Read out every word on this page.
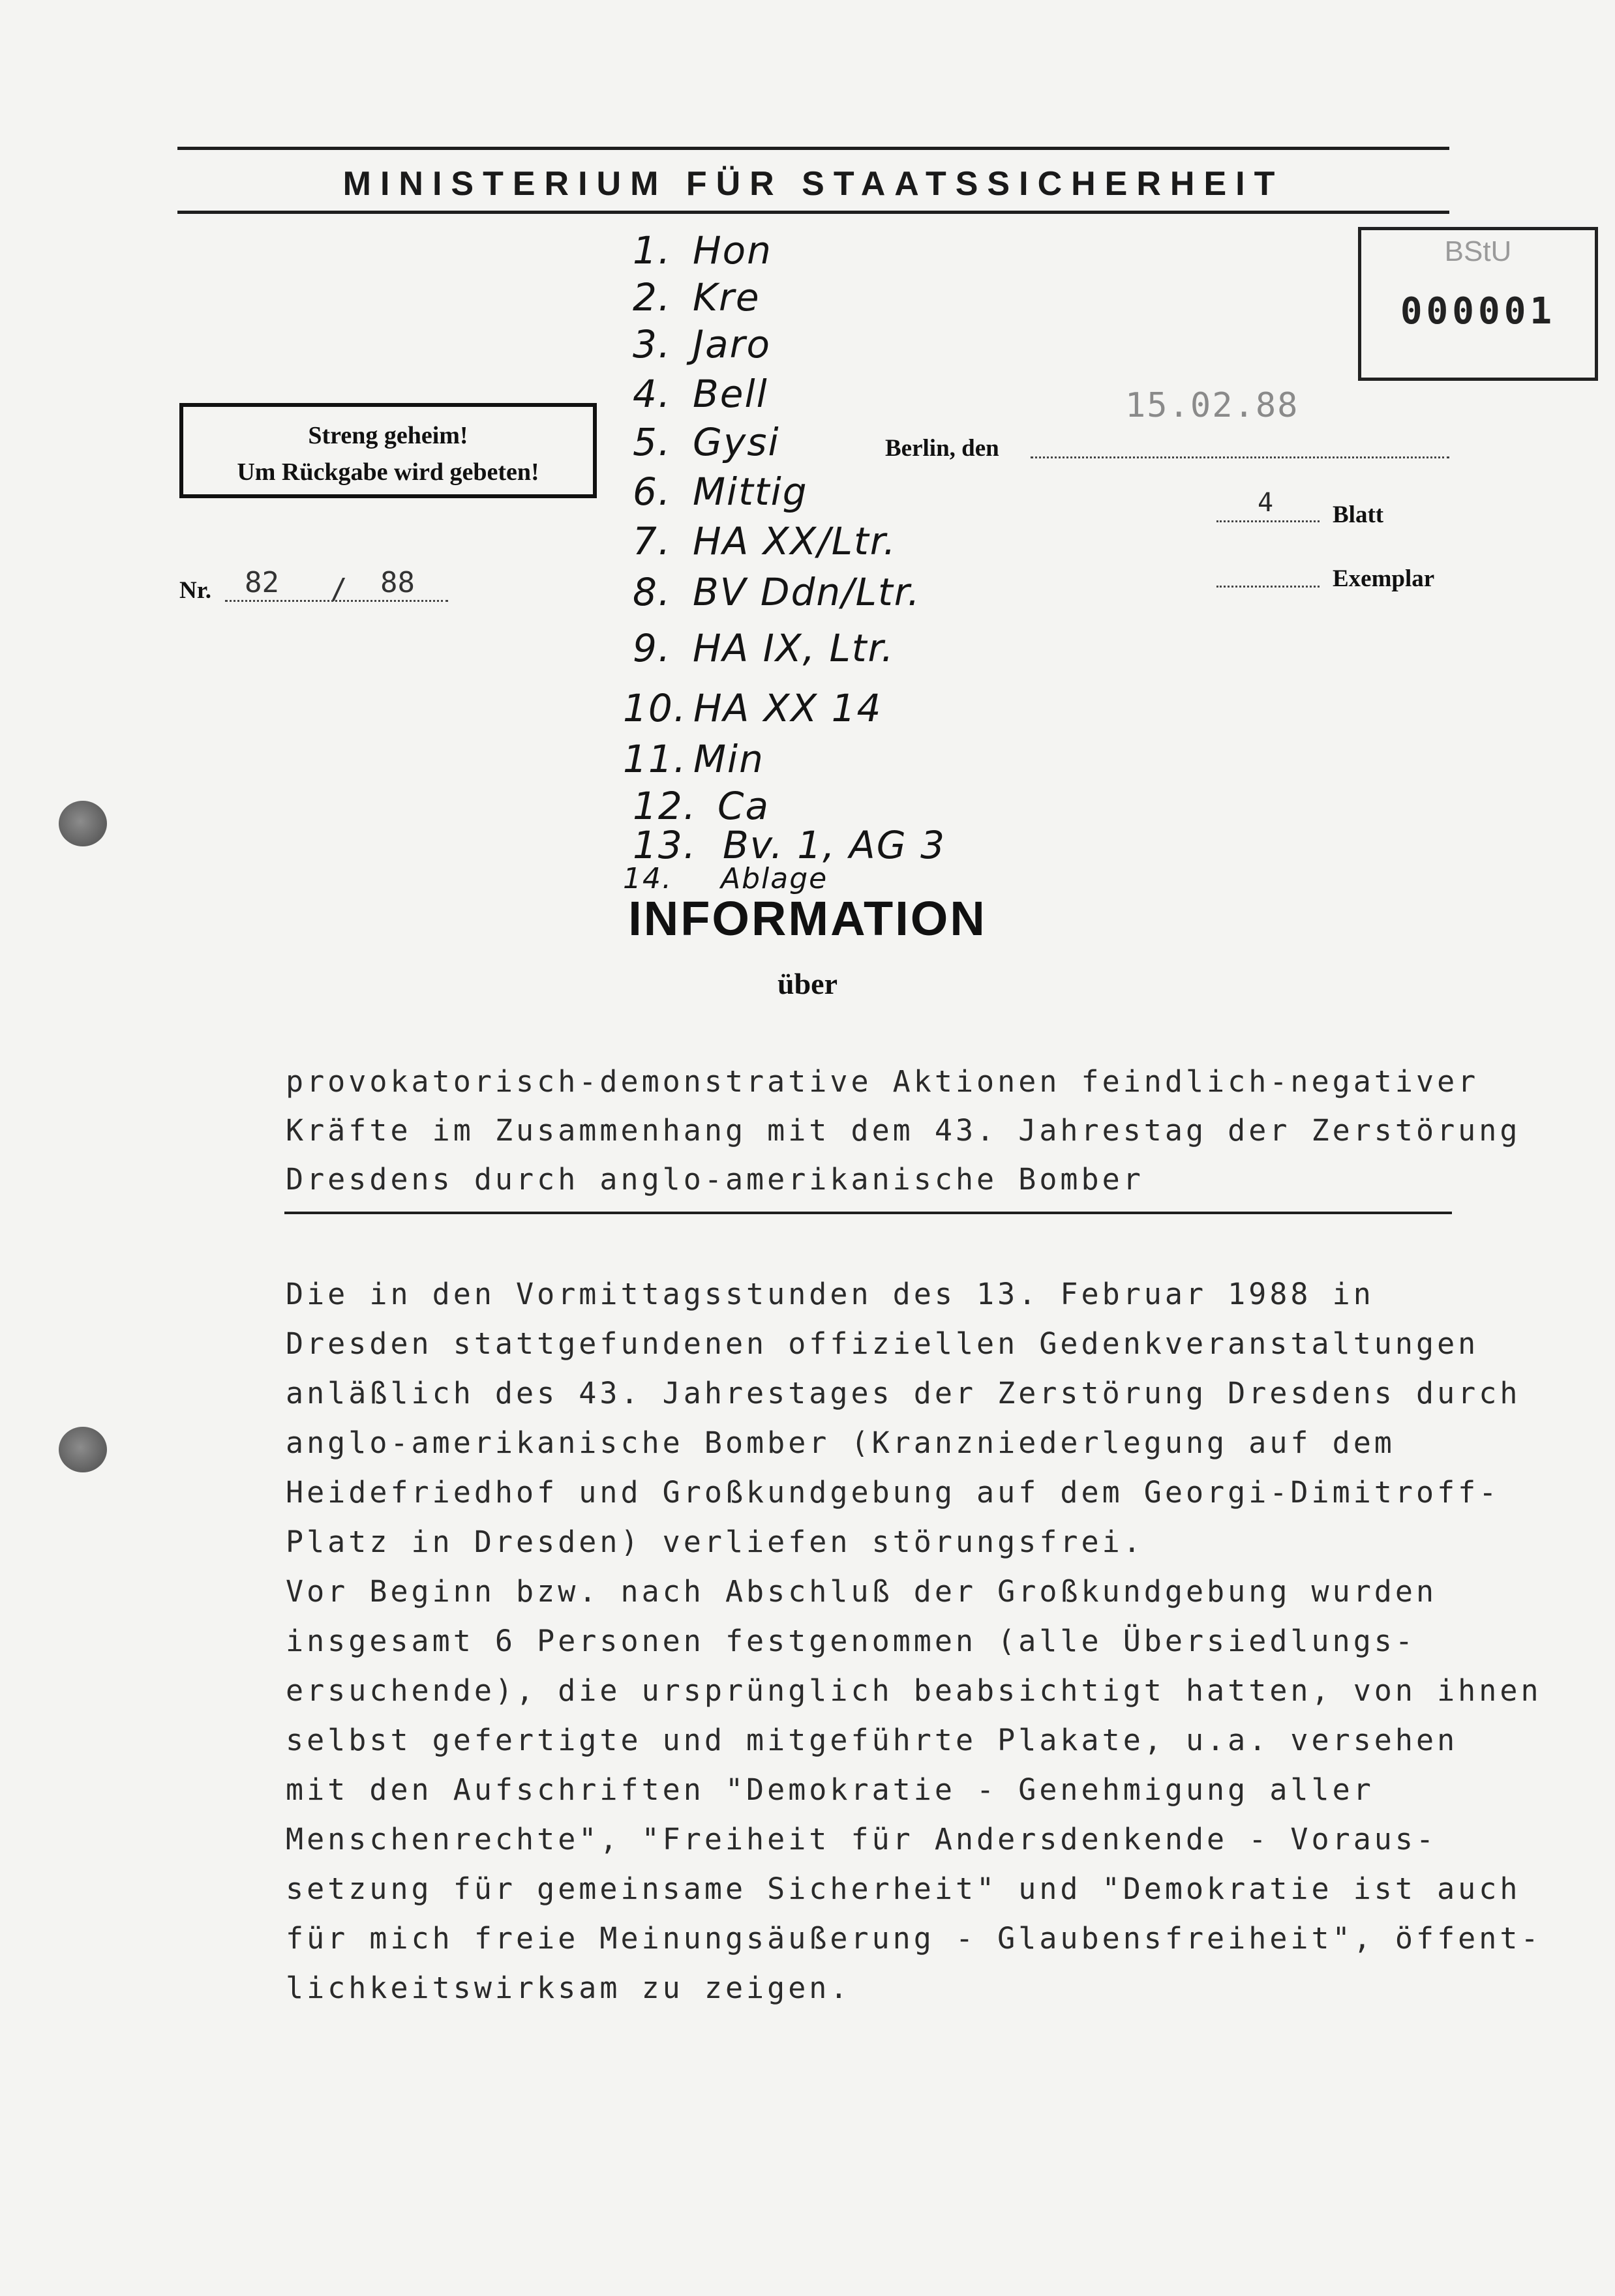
MINISTERIUM FÜR STAATSSICHERHEIT
BStU
000001
Streng geheim!
Um Rückgabe wird gebeten!
15.02.88
Berlin, den
4 Blatt
Exemplar
Nr. 82 / 88
1. Hon
2. Kre
3. Jaro
4. Bell
5. Gysi
6. Mittig
7. HA XX/Ltr.
8. BV Ddn/Ltr.
9. HA IX, Ltr.
10. HA XX 14
11. Min
12. Ca
13. Bv. 1, AG 3
14. Ablage
INFORMATION
über
provokatorisch-demonstrative Aktionen feindlich-negativer
Kräfte im Zusammenhang mit dem 43. Jahrestag der Zerstörung
Dresdens durch anglo-amerikanische Bomber
Die in den Vormittagsstunden des 13. Februar 1988 in
Dresden stattgefundenen offiziellen Gedenkveranstaltungen
anläßlich des 43. Jahrestages der Zerstörung Dresdens durch
anglo-amerikanische Bomber (Kranzniederlegung auf dem
Heidefriedhof und Großkundgebung auf dem Georgi-Dimitroff-
Platz in Dresden) verliefen störungsfrei.
Vor Beginn bzw. nach Abschluß der Großkundgebung wurden
insgesamt 6 Personen festgenommen (alle Übersiedlungs-
ersuchende), die ursprünglich beabsichtigt hatten, von ihnen
selbst gefertigte und mitgeführte Plakate, u.a. versehen
mit den Aufschriften "Demokratie - Genehmigung aller
Menschenrechte", "Freiheit für Andersdenkende - Voraus-
setzung für gemeinsame Sicherheit" und "Demokratie ist auch
für mich freie Meinungsäußerung - Glaubensfreiheit", öffent-
lichkeitswirksam zu zeigen.
